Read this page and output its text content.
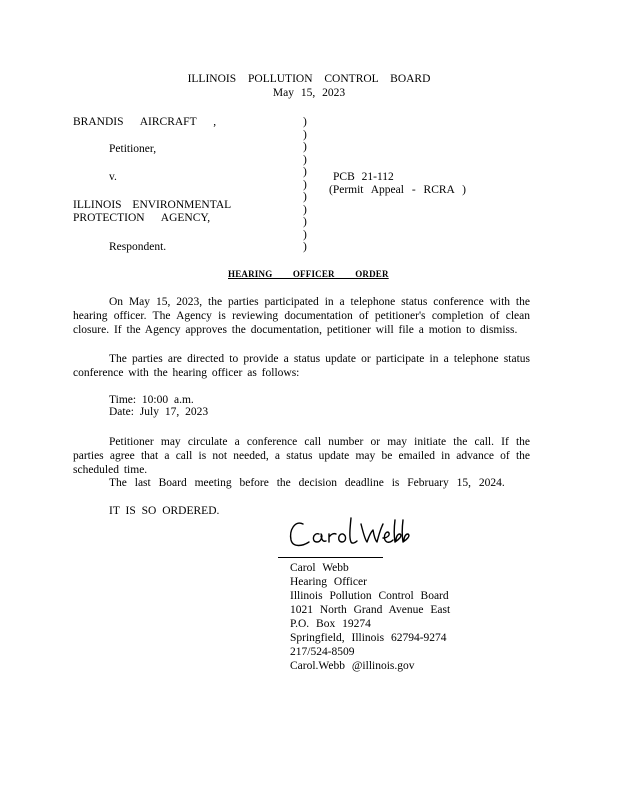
ILLINOIS POLLUTION CONTROL BOARD
May 15, 2023
BRANDIS AIRCRAFT ,
Petitioner,
v.
ILLINOIS ENVIRONMENTAL
PROTECTION AGENCY,
Respondent.
)
)
)
)
)
)
)
)
)
)
)
PCB 21-112
(Permit Appeal - RCRA )
HEARING OFFICER ORDER

On May 15, 2023, the parties participated in a telephone status conference with the hearing officer. The Agency is reviewing documentation of petitioner's completion of clean closure. If the Agency approves the documentation, petitioner will file a motion to dismiss.

The parties are directed to provide a status update or participate in a telephone status conference with the hearing officer as follows:

Time: 10:00 a.m.
Date: July 17, 2023

Petitioner may circulate a conference call number or may initiate the call. If the parties agree that a call is not needed, a status update may be emailed in advance of the scheduled time.

The last Board meeting before the decision deadline is February 15, 2024.
IT IS SO ORDERED.
Carol Webb
Hearing Officer
Illinois Pollution Control Board
1021 North Grand Avenue East
P.O. Box 19274
Springfield, Illinois 62794-9274
217/524-8509
Carol.Webb @illinois.gov
